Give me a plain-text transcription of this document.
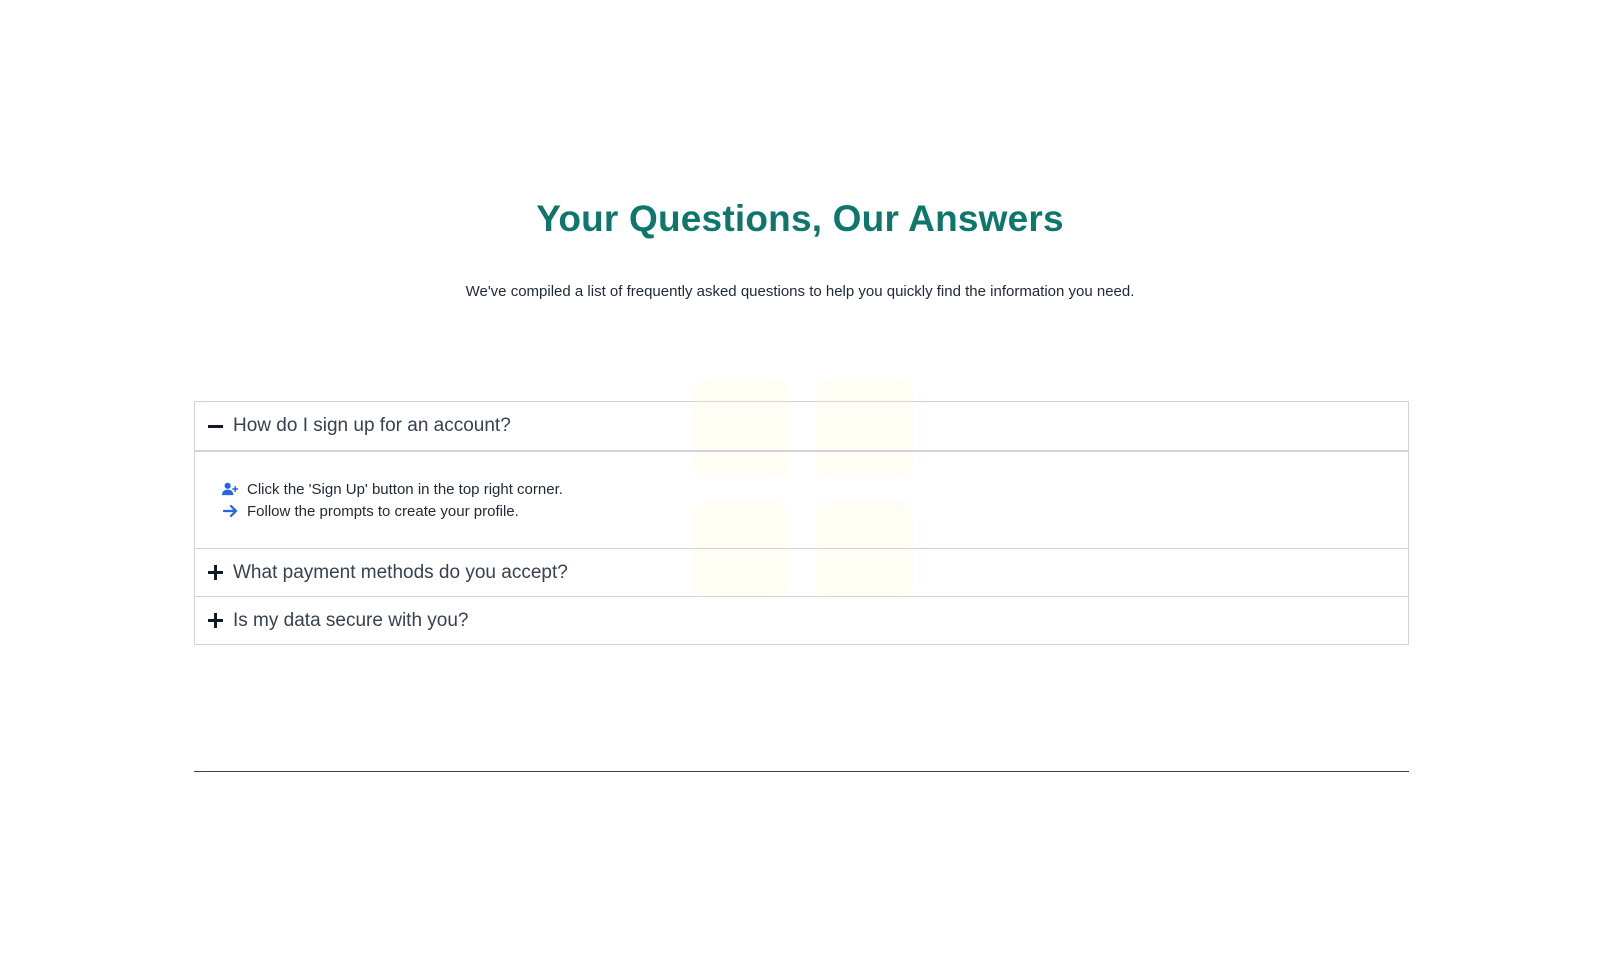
Your Questions, Our Answers

We've compiled a list of frequently asked questions to help you quickly find the information you need.

How do I sign up for an account?
Click the 'Sign Up' button in the top right corner.
Follow the prompts to create your profile.
What payment methods do you accept?
Is my data secure with you?
